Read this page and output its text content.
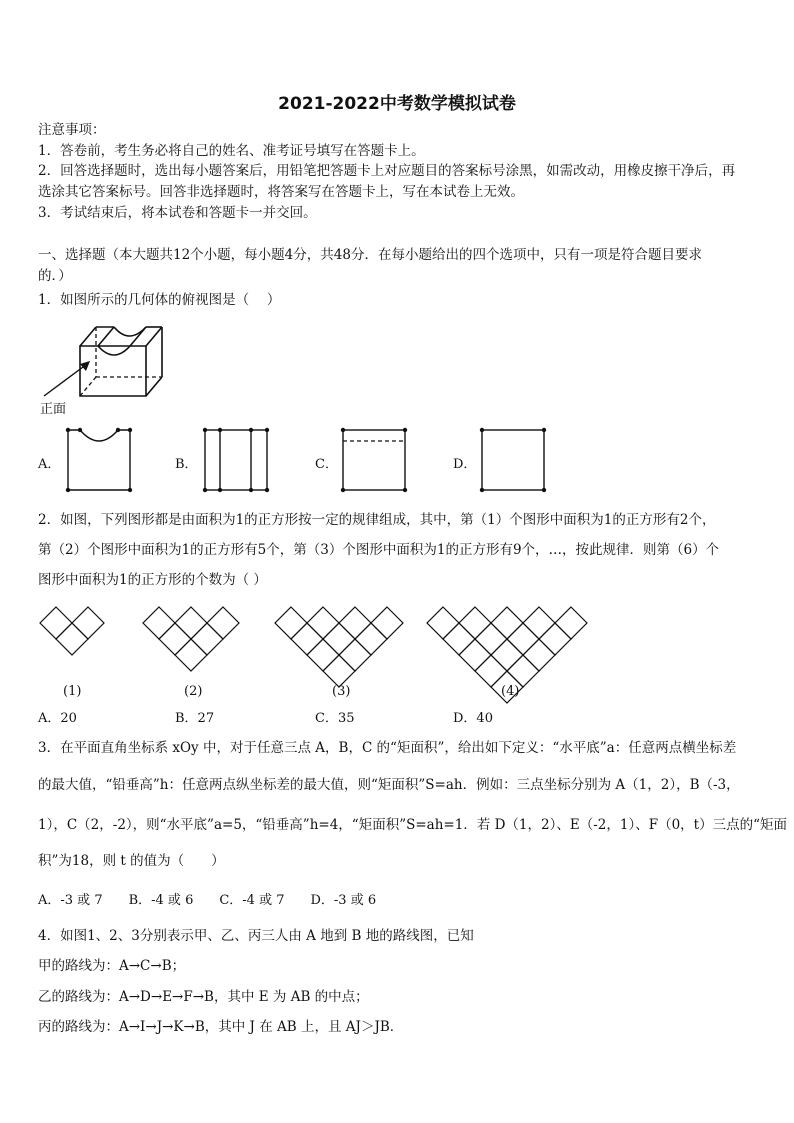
2021-2022中考数学模拟试卷
注意事项：
1．答卷前，考生务必将自己的姓名、准考证号填写在答题卡上。
2．回答选择题时，选出每小题答案后，用铅笔把答题卡上对应题目的答案标号涂黑，如需改动，用橡皮擦干净后，再
选涂其它答案标号。回答非选择题时，将答案写在答题卡上，写在本试卷上无效。
3．考试结束后，将本试卷和答题卡一并交回。
一、选择题（本大题共12个小题，每小题4分，共48分．在每小题给出的四个选项中，只有一项是符合题目要求
的．）
1．如图所示的几何体的俯视图是（　 ）
正面
A．	B．	C．	D．
2．如图，下列图形都是由面积为1的正方形按一定的规律组成，其中，第（1）个图形中面积为1的正方形有2个，
第（2）个图形中面积为1的正方形有5个，第（3）个图形中面积为1的正方形有9个，…，按此规律．则第（6）个
图形中面积为1的正方形的个数为（ ）
(1)	(2)	(3)	(4)
A．20	B．27	C．35	D．40
3．在平面直角坐标系 xOy 中，对于任意三点 A，B，C 的“矩面积”，给出如下定义：“水平底”a：任意两点横坐标差
的最大值，“铅垂高”h：任意两点纵坐标差的最大值，则“矩面积”S=ah．例如：三点坐标分别为 A（1，2），B（-3，
1），C（2，-2），则“水平底”a=5，“铅垂高”h=4，“矩面积”S=ah=1．若 D（1，2）、E（-2，1）、F（0，t）三点的“矩面
积”为18，则 t 的值为（　　）
A．-3 或 7　　B．-4 或 6　　C．-4 或 7　　D．-3 或 6
4．如图1、2、3分别表示甲、乙、丙三人由 A 地到 B 地的路线图，已知
甲的路线为：A→C→B；
乙的路线为：A→D→E→F→B，其中 E 为 AB 的中点；
丙的路线为：A→I→J→K→B，其中 J 在 AB 上，且 AJ＞JB．
